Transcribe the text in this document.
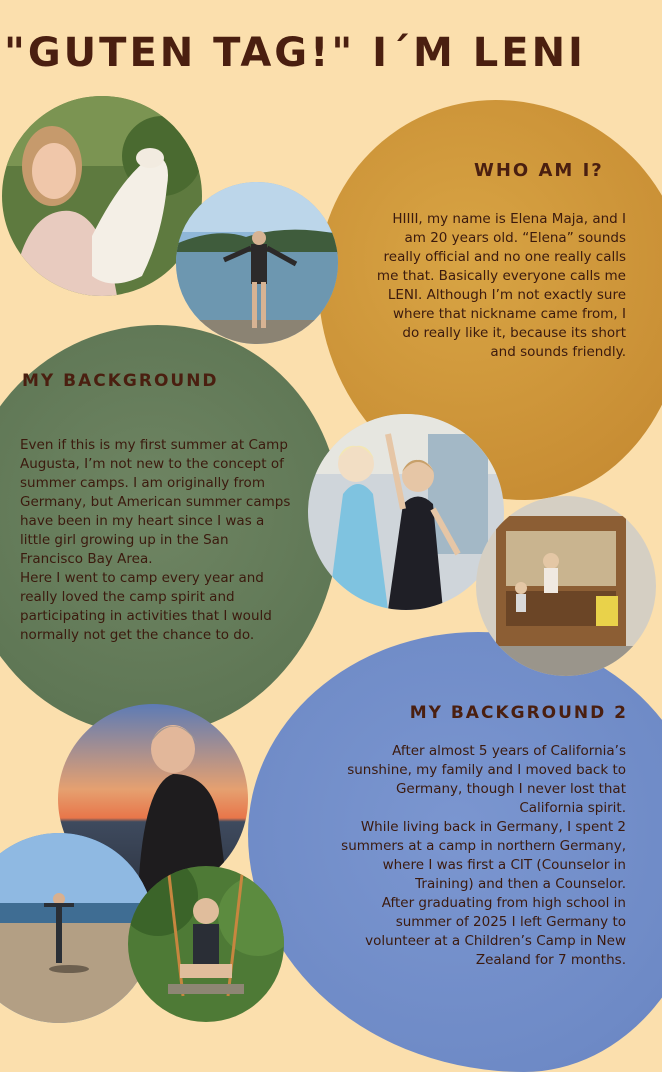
"GUTEN TAG!" I´M LENI
WHO AM I?
HIIII, my name is Elena Maja, and I am 20 years old. “Elena” sounds really official and no one really calls me that. Basically everyone calls me LENI. Although I’m not exactly sure where that nickname came from, I do really like it, because its short and sounds friendly.
MY BACKGROUND
Even if this is my first summer at Camp Augusta, I’m not new to the concept of summer camps. I am originally from Germany, but American summer camps have been in my heart since I was a little girl growing up in the San Francisco Bay Area.
Here I went to camp every year and really loved the camp spirit and participating in activities that I would normally not get the chance to do.
MY BACKGROUND 2
After almost 5 years of California’s sunshine, my family and I moved back to Germany, though I never lost that California spirit.
While living back in Germany, I spent 2 summers at a camp in northern Germany, where I was first a CIT (Counselor in Training) and then a Counselor.
After graduating from high school in summer of 2025 I left Germany to volunteer at a Children’s Camp in New Zealand for 7 months.
